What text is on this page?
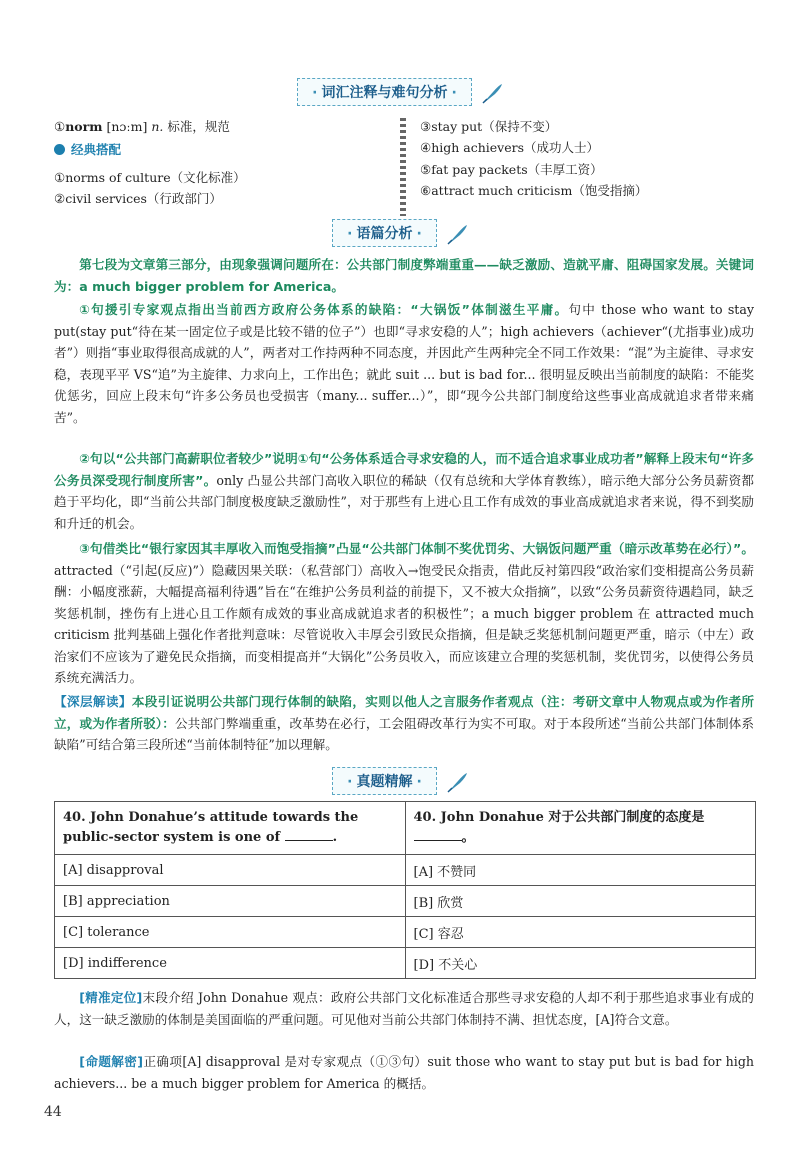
· 词汇注释与难句分析 ·
①norm [nɔːm] n. 标准，规范
经典搭配
①norms of culture（文化标准）
②civil services（行政部门）
③stay put（保持不变）
④high achievers（成功人士）
⑤fat pay packets（丰厚工资）
⑥attract much criticism（饱受指摘）
· 语篇分析 ·
第七段为文章第三部分，由现象强调问题所在：公共部门制度弊端重重——缺乏激励、造就平庸、阻碍国家发展。关键词为：a much bigger problem for America。
①句援引专家观点指出当前西方政府公务体系的缺陷：“大锅饭”体制滋生平庸。句中 those who want to stay put(stay put“待在某一固定位子或是比较不错的位子”）也即“寻求安稳的人”；high achievers（achiever“(尤指事业)成功者”）则指“事业取得很高成就的人”，两者对工作持两种不同态度，并因此产生两种完全不同工作效果：“混”为主旋律、寻求安稳，表现平平 VS“追”为主旋律、力求向上，工作出色；就此 suit ... but is bad for... 很明显反映出当前制度的缺陷：不能奖优惩劣，回应上段末句“许多公务员也受损害（many... suffer...）”，即“现今公共部门制度给这些事业高成就追求者带来痛苦”。
②句以“公共部门高薪职位者较少”说明①句“公务体系适合寻求安稳的人，而不适合追求事业成功者”解释上段末句“许多公务员深受现行制度所害”。only 凸显公共部门高收入职位的稀缺（仅有总统和大学体育教练），暗示绝大部分公务员薪资都趋于平均化，即“当前公共部门制度极度缺乏激励性”，对于那些有上进心且工作有成效的事业高成就追求者来说，得不到奖励和升迁的机会。
③句借类比“银行家因其丰厚收入而饱受指摘”凸显“公共部门体制不奖优罚劣、大锅饭问题严重（暗示改革势在必行）”。attracted（“引起(反应)”）隐藏因果关联：（私营部门）高收入→饱受民众指责，借此反衬第四段“政治家们变相提高公务员薪酬：小幅度涨薪，大幅提高福利待遇”旨在“在维护公务员利益的前提下，又不被大众指摘”，以致“公务员薪资待遇趋同，缺乏奖惩机制，挫伤有上进心且工作颇有成效的事业高成就追求者的积极性”；a much bigger problem 在 attracted much criticism 批判基础上强化作者批判意味：尽管说收入丰厚会引致民众指摘，但是缺乏奖惩机制问题更严重，暗示（中左）政治家们不应该为了避免民众指摘，而变相提高并“大锅化”公务员收入，而应该建立合理的奖惩机制，奖优罚劣，以使得公务员系统充满活力。
【深层解读】本段引证说明公共部门现行体制的缺陷，实则以他人之言服务作者观点（注：考研文章中人物观点或为作者所立，或为作者所驳）：公共部门弊端重重，改革势在必行，工会阻碍改革行为实不可取。对于本段所述“当前公共部门体制体系缺陷”可结合第三段所述“当前体制特征”加以理解。
· 真题精解 ·
40. John Donahue’s attitude towards the public-sector system is one of .	40. John Donahue 对于公共部门制度的态度是
。
[A] disapproval	[A] 不赞同
[B] appreciation	[B] 欣赏
[C] tolerance	[C] 容忍
[D] indifference	[D] 不关心
[精准定位]末段介绍 John Donahue 观点：政府公共部门文化标准适合那些寻求安稳的人却不利于那些追求事业有成的人，这一缺乏激励的体制是美国面临的严重问题。可见他对当前公共部门体制持不满、担忧态度，[A]符合文意。
[命题解密]正确项[A] disapproval 是对专家观点（①③句）suit those who want to stay put but is bad for high achievers... be a much bigger problem for America 的概括。
44
